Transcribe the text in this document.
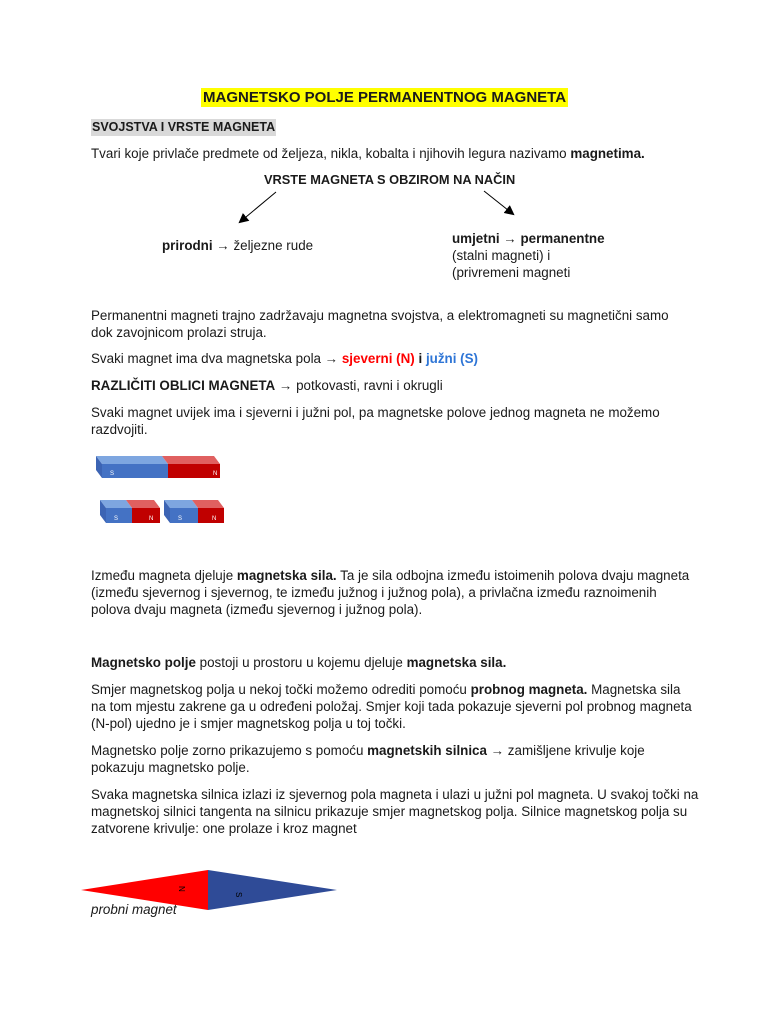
MAGNETSKO POLJE PERMANENTNOG MAGNETA
SVOJSTVA I VRSTE MAGNETA
Tvari koje privlače predmete od željeza, nikla, kobalta i njihovih legura nazivamo magnetima.
VRSTE MAGNETA S OBZIROM NA NAČIN
prirodni → željezne rude	umjetni → permanentne
(stalni magneti) i
(privremeni magneti
Permanentni magneti trajno zadržavaju magnetna svojstva, a elektromagneti su magnetični samo
dok zavojnicom prolazi struja.
Svaki magnet ima dva magnetska pola → sjeverni (N) i južni (S)
RAZLIČITI OBLICI MAGNETA → potkovasti, ravni i okrugli
Svaki magnet uvijek ima i sjeverni i južni pol, pa magnetske polove jednog magneta ne možemo
razdvojiti.
S	N
S	N	S	N
Između magneta djeluje magnetska sila. Ta je sila odbojna između istoimenih polova dvaju magneta
(između sjevernog i sjevernog, te između južnog i južnog pola), a privlačna između raznoimenih
polova dvaju magneta (između sjevernog i južnog pola).
Magnetsko polje postoji u prostoru u kojemu djeluje magnetska sila.
Smjer magnetskog polja u nekoj točki možemo odrediti pomoću probnog magneta. Magnetska sila
na tom mjestu zakrene ga u određeni položaj. Smjer koji tada pokazuje sjeverni pol probnog magneta
(N-pol) ujedno je i smjer magnetskog polja u toj točki.
Magnetsko polje zorno prikazujemo s pomoću magnetskih silnica → zamišljene krivulje koje
pokazuju magnetsko polje.
Svaka magnetska silnica izlazi iz sjevernog pola magneta i ulazi u južni pol magneta. U svakoj točki na
magnetskoj silnici tangenta na silnicu prikazuje smjer magnetskog polja. Silnice magnetskog polja su
zatvorene krivulje: one prolaze i kroz magnet
N
S
probni magnet
